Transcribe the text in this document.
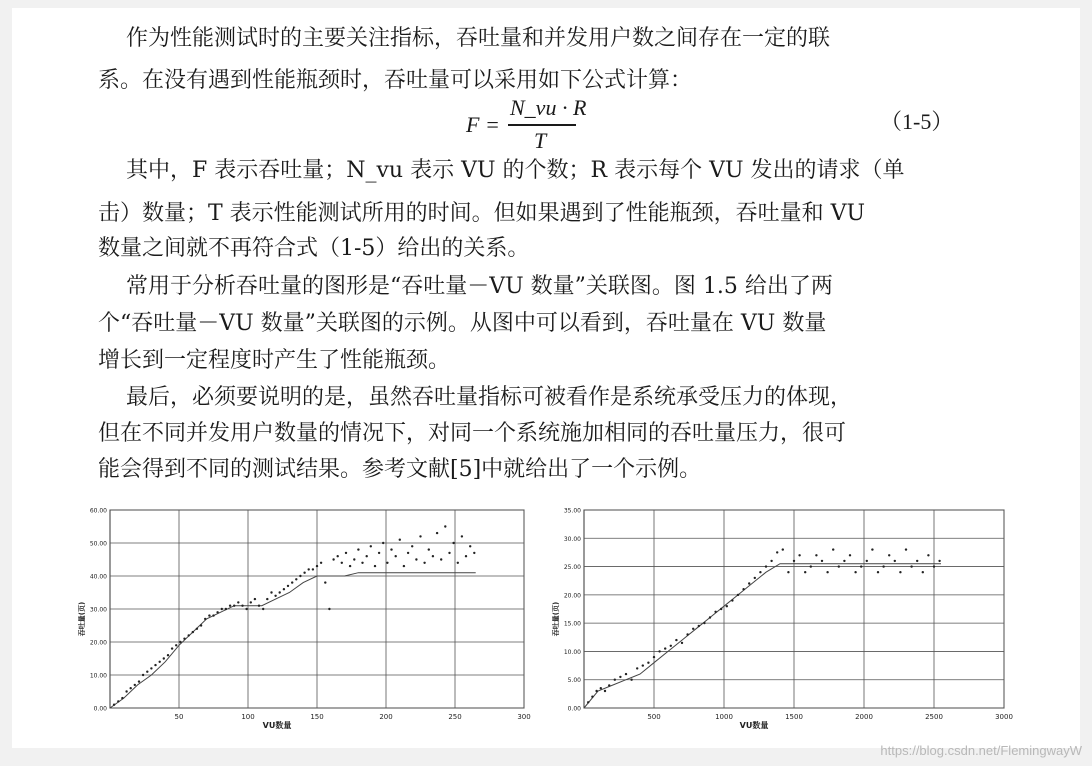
作为性能测试时的主要关注指标，吞吐量和并发用户数之间存在一定的联
系。在没有遇到性能瓶颈时，吞吐量可以采用如下公式计算：
F =
N_vu · R
T
（1-5）
其中，F 表示吞吐量；N_vu 表示 VU 的个数；R 表示每个 VU 发出的请求（单
击）数量；T 表示性能测试所用的时间。但如果遇到了性能瓶颈，吞吐量和 VU
数量之间就不再符合式（1-5）给出的关系。
常用于分析吞吐量的图形是“吞吐量－VU 数量”关联图。图 1.5 给出了两
个“吞吐量－VU 数量”关联图的示例。从图中可以看到，吞吐量在 VU 数量
增长到一定程度时产生了性能瓶颈。
最后，必须要说明的是，虽然吞吐量指标可被看作是系统承受压力的体现，
但在不同并发用户数量的情况下，对同一个系统施加相同的吞吐量压力，很可
能会得到不同的测试结果。参考文献[5]中就给出了一个示例。
50	100	150	200	250	300
0.00
10.00
20.00
30.00
40.00
50.00
60.00
VU数量
吞吐量(页)
500	1000	1500	2000	2500	3000
0.00
5.00
10.00
15.00
20.00
25.00
30.00
35.00
VU数量
吞吐量(页)
https://blog.csdn.net/FlemingwayW
